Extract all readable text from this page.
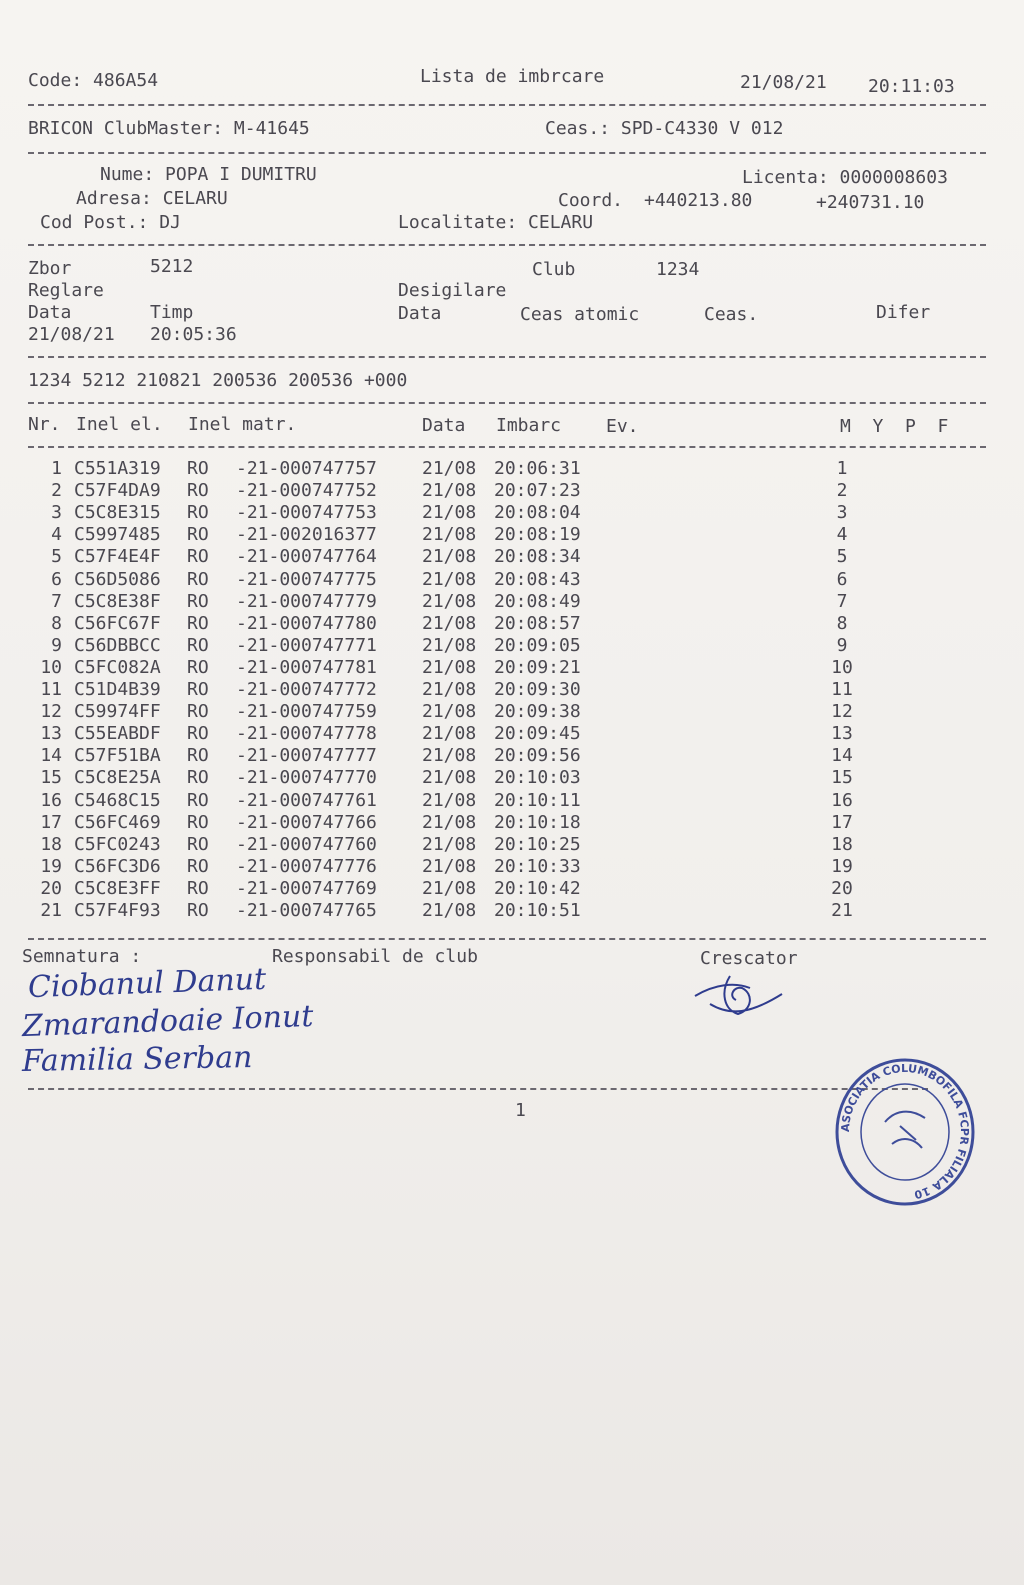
Code: 486A54	Lista de imbrcare	21/08/21 20:11:03
BRICON ClubMaster: M-41645	Ceas.: SPD-C4330 V 012
Nume: POPA I DUMITRU	Licenta: 0000008603
Adresa: CELARU	Coord. +440213.80	+240731.10
Cod Post.: DJ	Localitate: CELARU
Zbor	5212	Club	1234
Reglare	Desigilare
Data	Timp	Data	Ceas atomic	Ceas.	Difer
21/08/21 20:05:36
1234 5212 210821 200536 200536 +000
Nr. Inel el. Inel matr.	Data Imbarc Ev.	M  Y  P  F
1 C551A319 RO -21-000747757	21/08 20:06:31	1
2 C57F4DA9 RO -21-000747752	21/08 20:07:23	2
3 C5C8E315 RO -21-000747753	21/08 20:08:04	3
4 C5997485 RO -21-002016377	21/08 20:08:19	4
5 C57F4E4F RO -21-000747764	21/08 20:08:34	5
6 C56D5086 RO -21-000747775	21/08 20:08:43	6
7 C5C8E38F RO -21-000747779	21/08 20:08:49	7
8 C56FC67F RO -21-000747780	21/08 20:08:57	8
9 C56DBBCC RO -21-000747771	21/08 20:09:05	9
10 C5FC082A RO -21-000747781	21/08 20:09:21	10
11 C51D4B39 RO -21-000747772	21/08 20:09:30	11
12 C59974FF RO -21-000747759	21/08 20:09:38	12
13 C55EABDF RO -21-000747778	21/08 20:09:45	13
14 C57F51BA RO -21-000747777	21/08 20:09:56	14
15 C5C8E25A RO -21-000747770	21/08 20:10:03	15
16 C5468C15 RO -21-000747761	21/08 20:10:11	16
17 C56FC469 RO -21-000747766	21/08 20:10:18	17
18 C5FC0243 RO -21-000747760	21/08 20:10:25	18
19 C56FC3D6 RO -21-000747776	21/08 20:10:33	19
20 C5C8E3FF RO -21-000747769	21/08 20:10:42	20
21 C57F4F93 RO -21-000747765	21/08 20:10:51	21
Semnatura :	Responsabil de club	Crescator
Ciobanul Danut
Zmarandoaie Ionut
Familia Serban
1
ASOCIATIA COLUMBOFILA FCPR FILIALA 10
